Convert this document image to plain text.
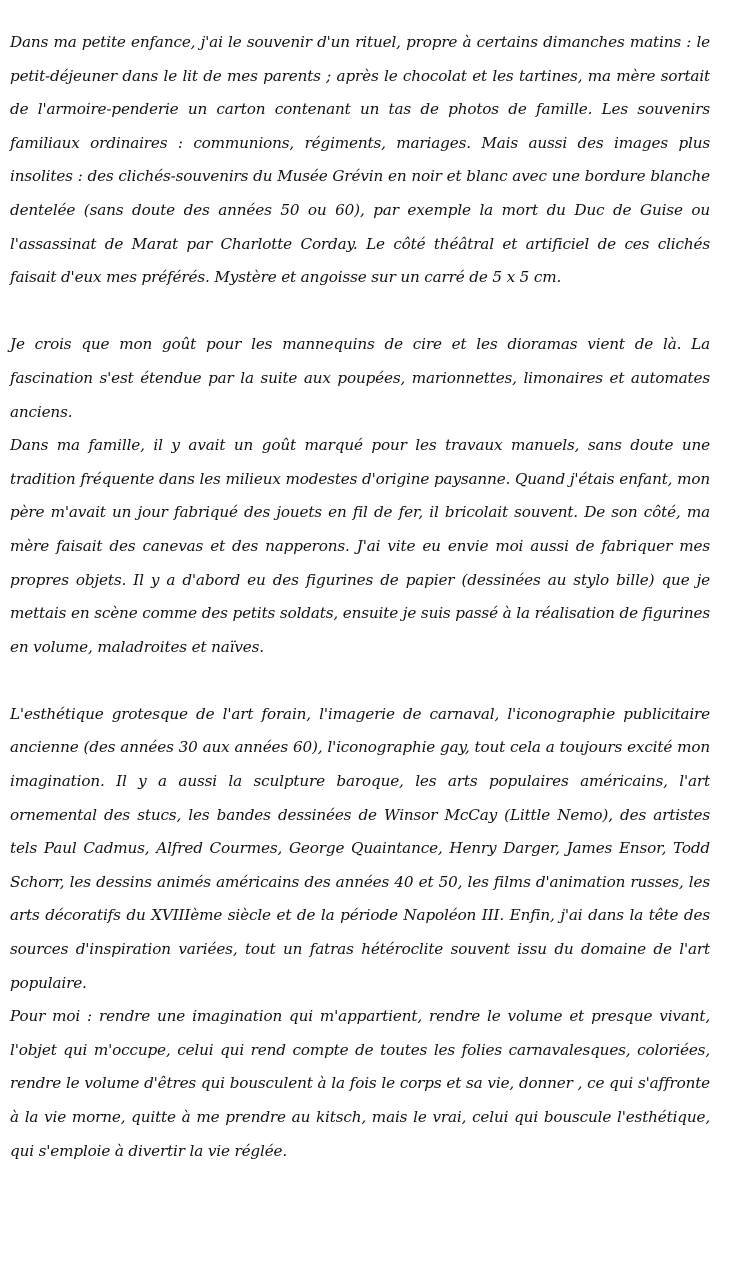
Dans ma petite enfance, j'ai le souvenir d'un rituel, propre à certains dimanches matins : le petit-déjeuner dans le lit de mes parents ; après le chocolat et les tartines, ma mère sortait de l'armoire-penderie un carton contenant un tas de photos de famille. Les souvenirs familiaux ordinaires : communions, régiments, mariages. Mais aussi des images plus insolites : des clichés-souvenirs du Musée Grévin en noir et blanc avec une bordure blanche dentelée (sans doute des années 50 ou 60), par exemple la mort du Duc de Guise ou l'assassinat de Marat par Charlotte Corday. Le côté théâtral et artificiel de ces clichés faisait d'eux mes préférés. Mystère et angoisse sur un carré de 5 x 5 cm.

Je crois que mon goût pour les mannequins de cire et les dioramas vient de là. La fascination s'est étendue par la suite aux poupées, marionnettes, limonaires et automates anciens.

Dans ma famille, il y avait un goût marqué pour les travaux manuels, sans doute une tradition fréquente dans les milieux modestes d'origine paysanne. Quand j'étais enfant, mon père m'avait un jour fabriqué des jouets en fil de fer, il bricolait souvent. De son côté, ma mère faisait des canevas et des napperons. J'ai vite eu envie moi aussi de fabriquer mes propres objets. Il y a d'abord eu des figurines de papier (dessinées au stylo bille) que je mettais en scène comme des petits soldats, ensuite je suis passé à la réalisation de figurines en volume, maladroites et naïves.

L'esthétique grotesque de l'art forain, l'imagerie de carnaval, l'iconographie publicitaire ancienne (des années 30 aux années 60), l'iconographie gay, tout cela a toujours excité mon imagination. Il y a aussi la sculpture baroque, les arts populaires américains, l'art ornemental des stucs, les bandes dessinées de Winsor McCay (Little Nemo), des artistes tels Paul Cadmus, Alfred Courmes, George Quaintance, Henry Darger, James Ensor, Todd Schorr, les dessins animés américains des années 40 et 50, les films d'animation russes, les arts décoratifs du XVIIIème siècle et de la période Napoléon III. Enfin, j'ai dans la tête des sources d'inspiration variées, tout un fatras hétéroclite souvent issu du domaine de l'art populaire.

Pour moi : rendre une imagination qui m'appartient, rendre le volume et presque vivant, l'objet qui m'occupe, celui qui rend compte de toutes les folies carnavalesques, coloriées, rendre le volume d'êtres qui bousculent à la fois le corps et sa vie, donner , ce qui s'affronte à la vie morne, quitte à me prendre au kitsch, mais le vrai, celui qui bouscule l'esthétique, qui s'emploie à divertir la vie réglée.
